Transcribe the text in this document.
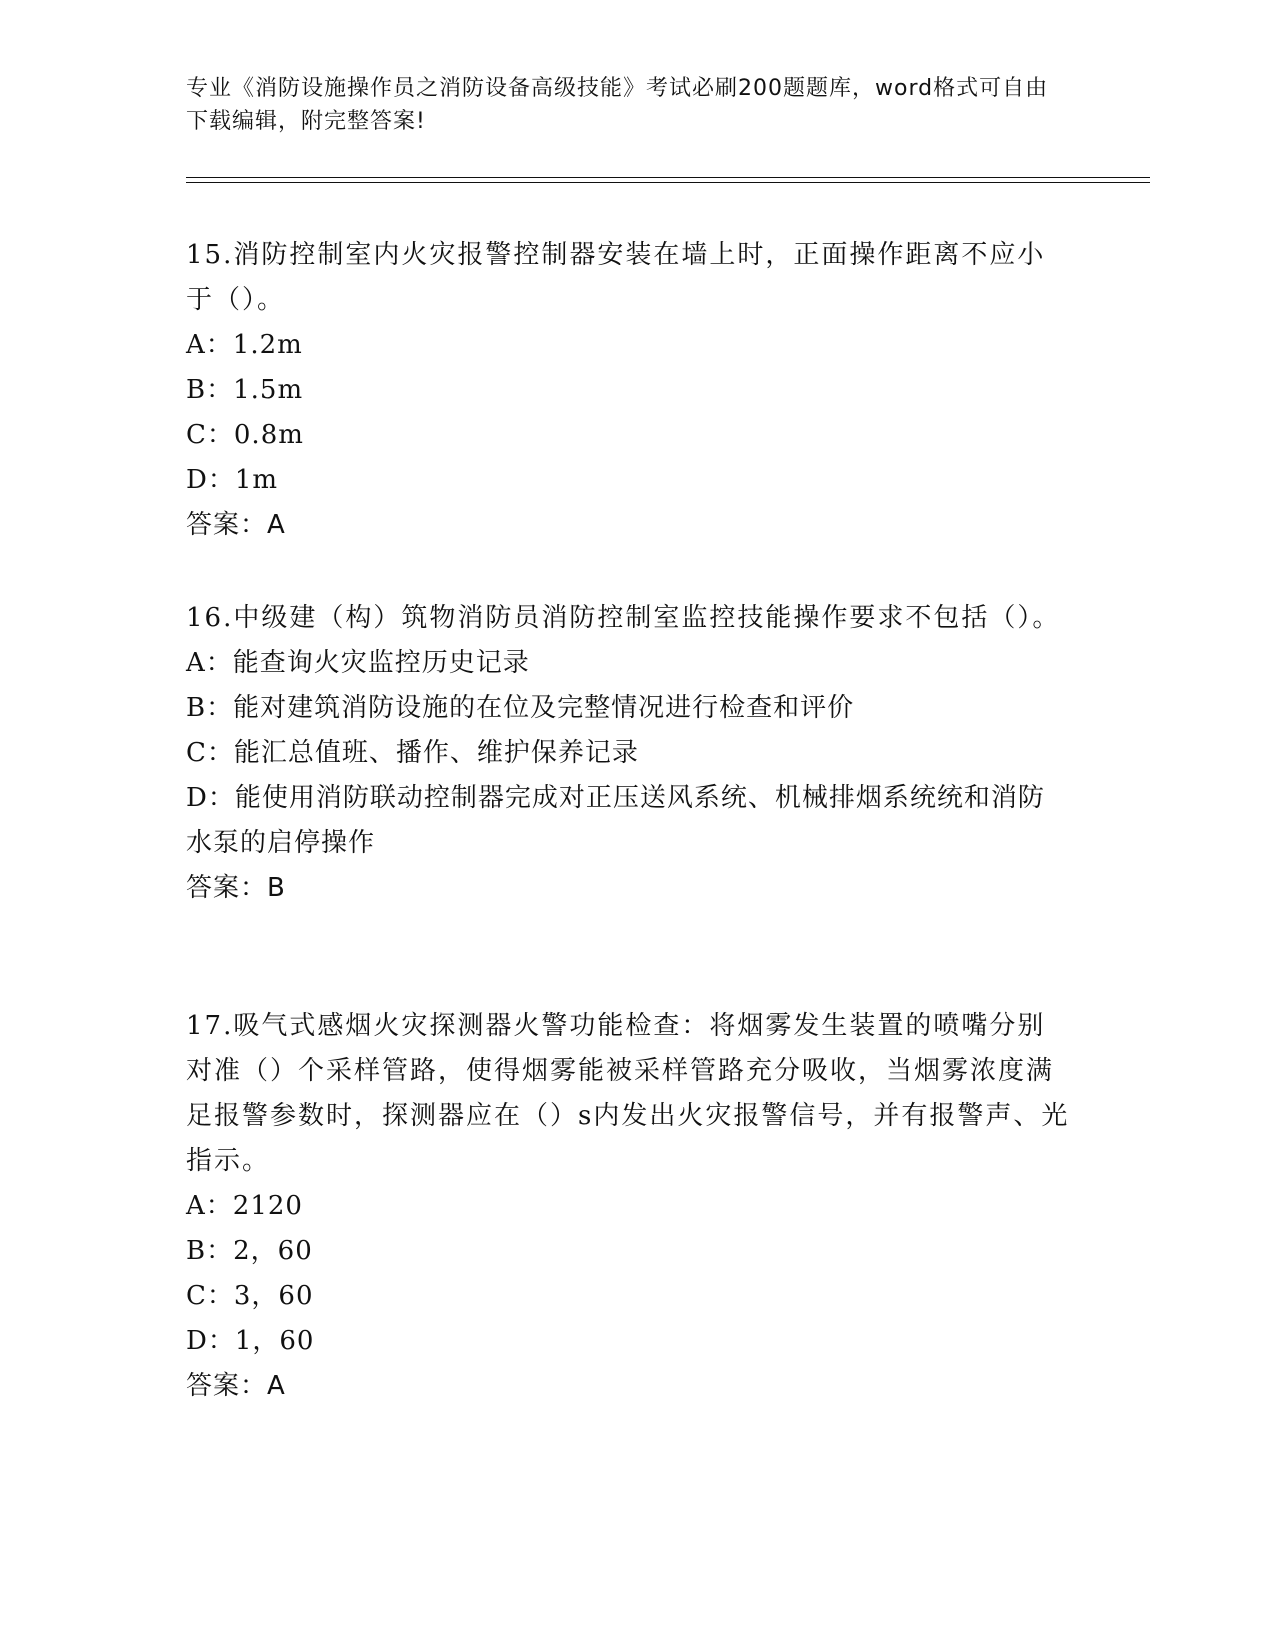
专业《消防设施操作员之消防设备高级技能》考试必刷200题题库，word格式可自由下载编辑，附完整答案!
15.消防控制室内火灾报警控制器安装在墙上时，正面操作距离不应小于（）。
A：1.2m
B：1.5m
C：0.8m
D：1m
答案：A
16.中级建（构）筑物消防员消防控制室监控技能操作要求不包括（）。
A：能查询火灾监控历史记录
B：能对建筑消防设施的在位及完整情况进行检查和评价
C：能汇总值班、播作、维护保养记录
D：能使用消防联动控制器完成对正压送风系统、机械排烟系统统和消防水泵的启停操作
答案：B
17.吸气式感烟火灾探测器火警功能检查：将烟雾发生装置的喷嘴分别对准（）个采样管路，使得烟雾能被采样管路充分吸收，当烟雾浓度满足报警参数时，探测器应在（）s内发出火灾报警信号，并有报警声、光指示。
A：2120
B：2，60
C：3，60
D：1，60
答案：A
